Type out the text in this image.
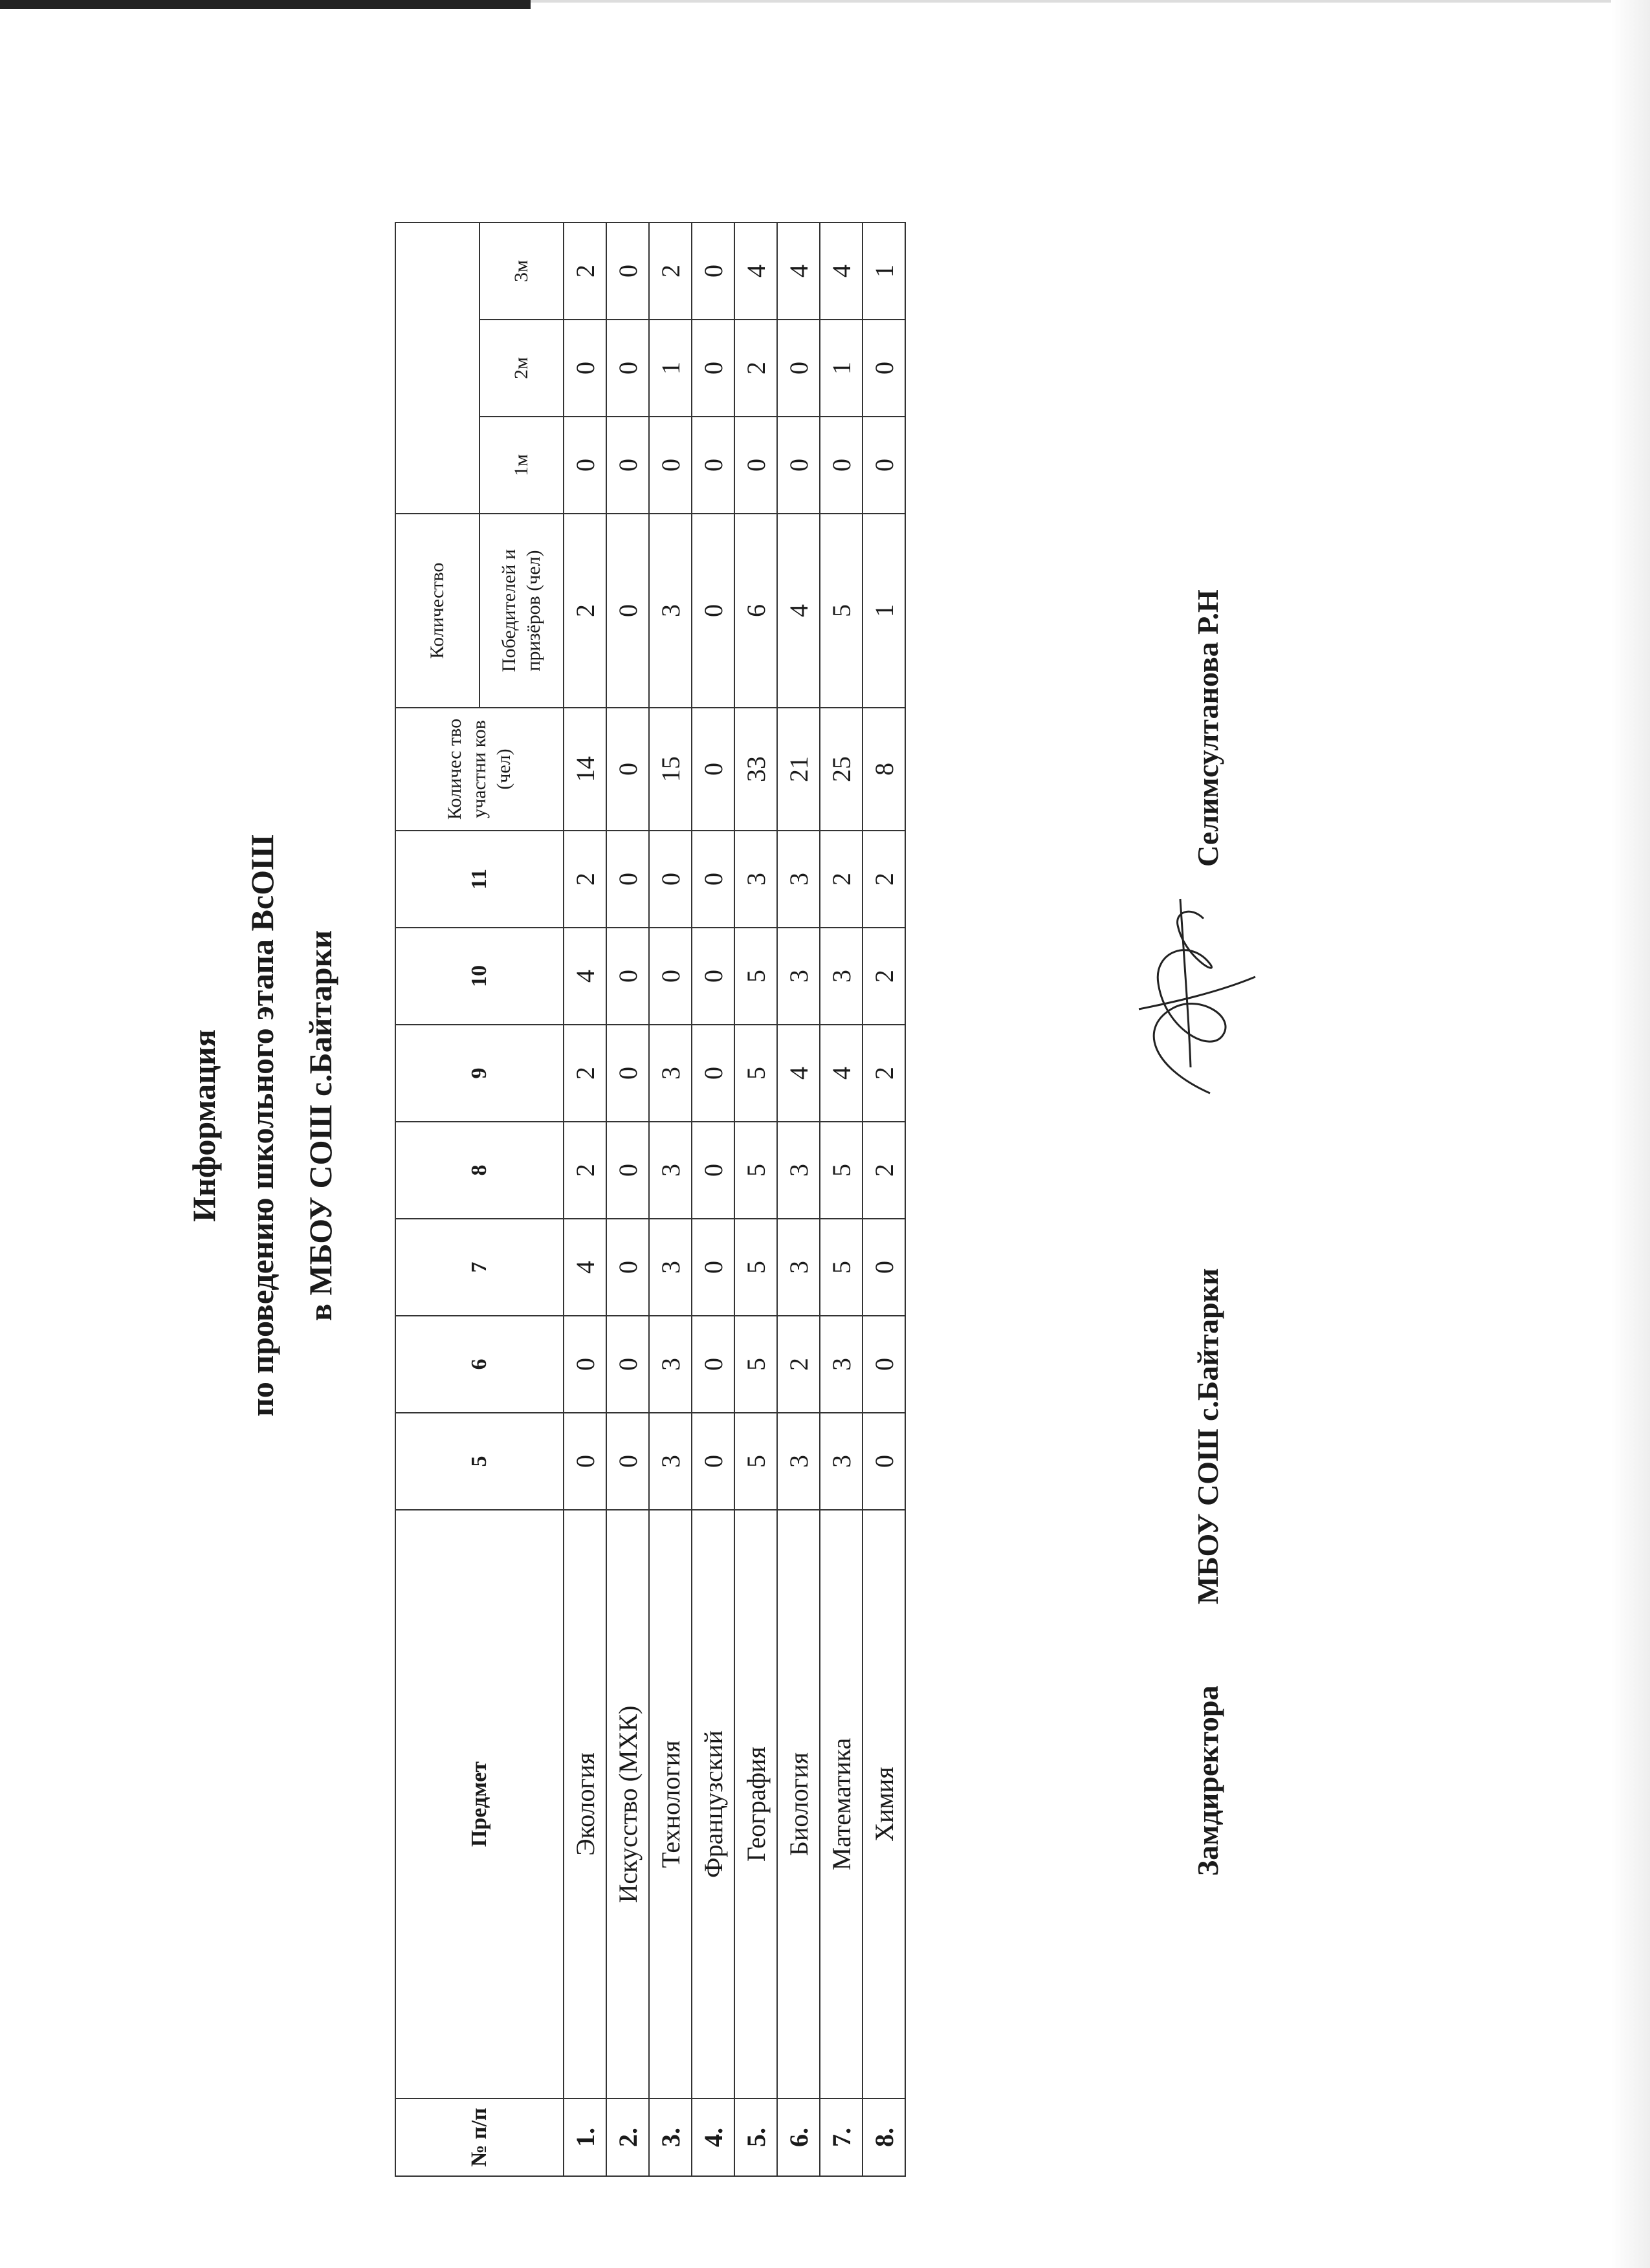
Информация по проведению школьного этапа ВсОШ в МБОУ СОШ с.Байтарки
№ п/п	Предмет	5	6	7	8	9	10	11	Количес тво участни ков (чел)	Количество			
										Победителей и призёров (чел)	1м	2м	3м
1.	Экология	0	0	4	2	2	4	2	14	2	0	0	2
2.	Искусство (МХК)	0	0	0	0	0	0	0	0	0	0	0	0
3.	Технология	3	3	3	3	3	0	0	15	3	0	1	2
4.	Французский	0	0	0	0	0	0	0	0	0	0	0	0
5.	География	5	5	5	5	5	5	3	33	6	0	2	4
6.	Биология	3	2	3	3	4	3	3	21	4	0	0	4
7.	Математика	3	3	5	5	4	3	2	25	5	0	1	4
8.	Химия	0	0	0	2	2	2	2	8	1	0	0	1
Замдиректора
МБОУ СОШ с.Байтарки
Селимсултанова Р.Н
